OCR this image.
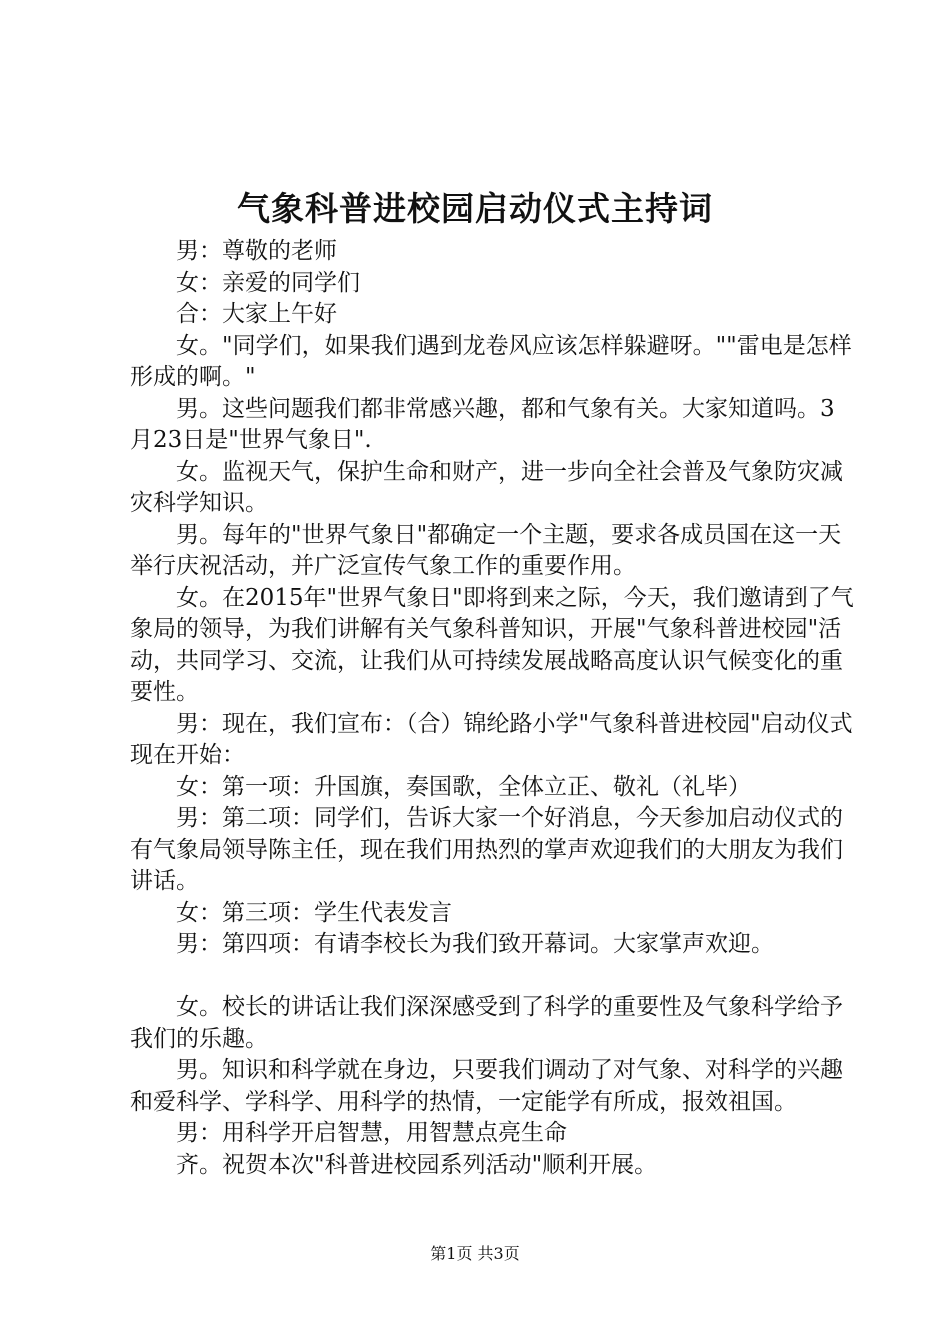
气象科普进校园启动仪式主持词

男：尊敬的老师

女：亲爱的同学们

合：大家上午好

女。"同学们，如果我们遇到龙卷风应该怎样躲避呀。""雷电是怎样形成的啊。"

男。这些问题我们都非常感兴趣，都和气象有关。大家知道吗。3月23日是"世界气象日".

女。监视天气，保护生命和财产，进一步向全社会普及气象防灾减灾科学知识。

男。每年的"世界气象日"都确定一个主题，要求各成员国在这一天举行庆祝活动，并广泛宣传气象工作的重要作用。

女。在2015年"世界气象日"即将到来之际，今天，我们邀请到了气象局的领导，为我们讲解有关气象科普知识，开展"气象科普进校园"活动，共同学习、交流，让我们从可持续发展战略高度认识气候变化的重要性。

男：现在，我们宣布：（合）锦纶路小学"气象科普进校园"启动仪式现在开始：

女：第一项：升国旗，奏国歌，全体立正、敬礼（礼毕）

男：第二项：同学们，告诉大家一个好消息，今天参加启动仪式的有气象局领导陈主任，现在我们用热烈的掌声欢迎我们的大朋友为我们讲话。

女：第三项：学生代表发言

男：第四项：有请李校长为我们致开幕词。大家掌声欢迎。

女。校长的讲话让我们深深感受到了科学的重要性及气象科学给予我们的乐趣。

男。知识和科学就在身边，只要我们调动了对气象、对科学的兴趣和爱科学、学科学、用科学的热情，一定能学有所成，报效祖国。

男：用科学开启智慧，用智慧点亮生命

齐。祝贺本次"科普进校园系列活动"顺利开展。

第1页 共3页
